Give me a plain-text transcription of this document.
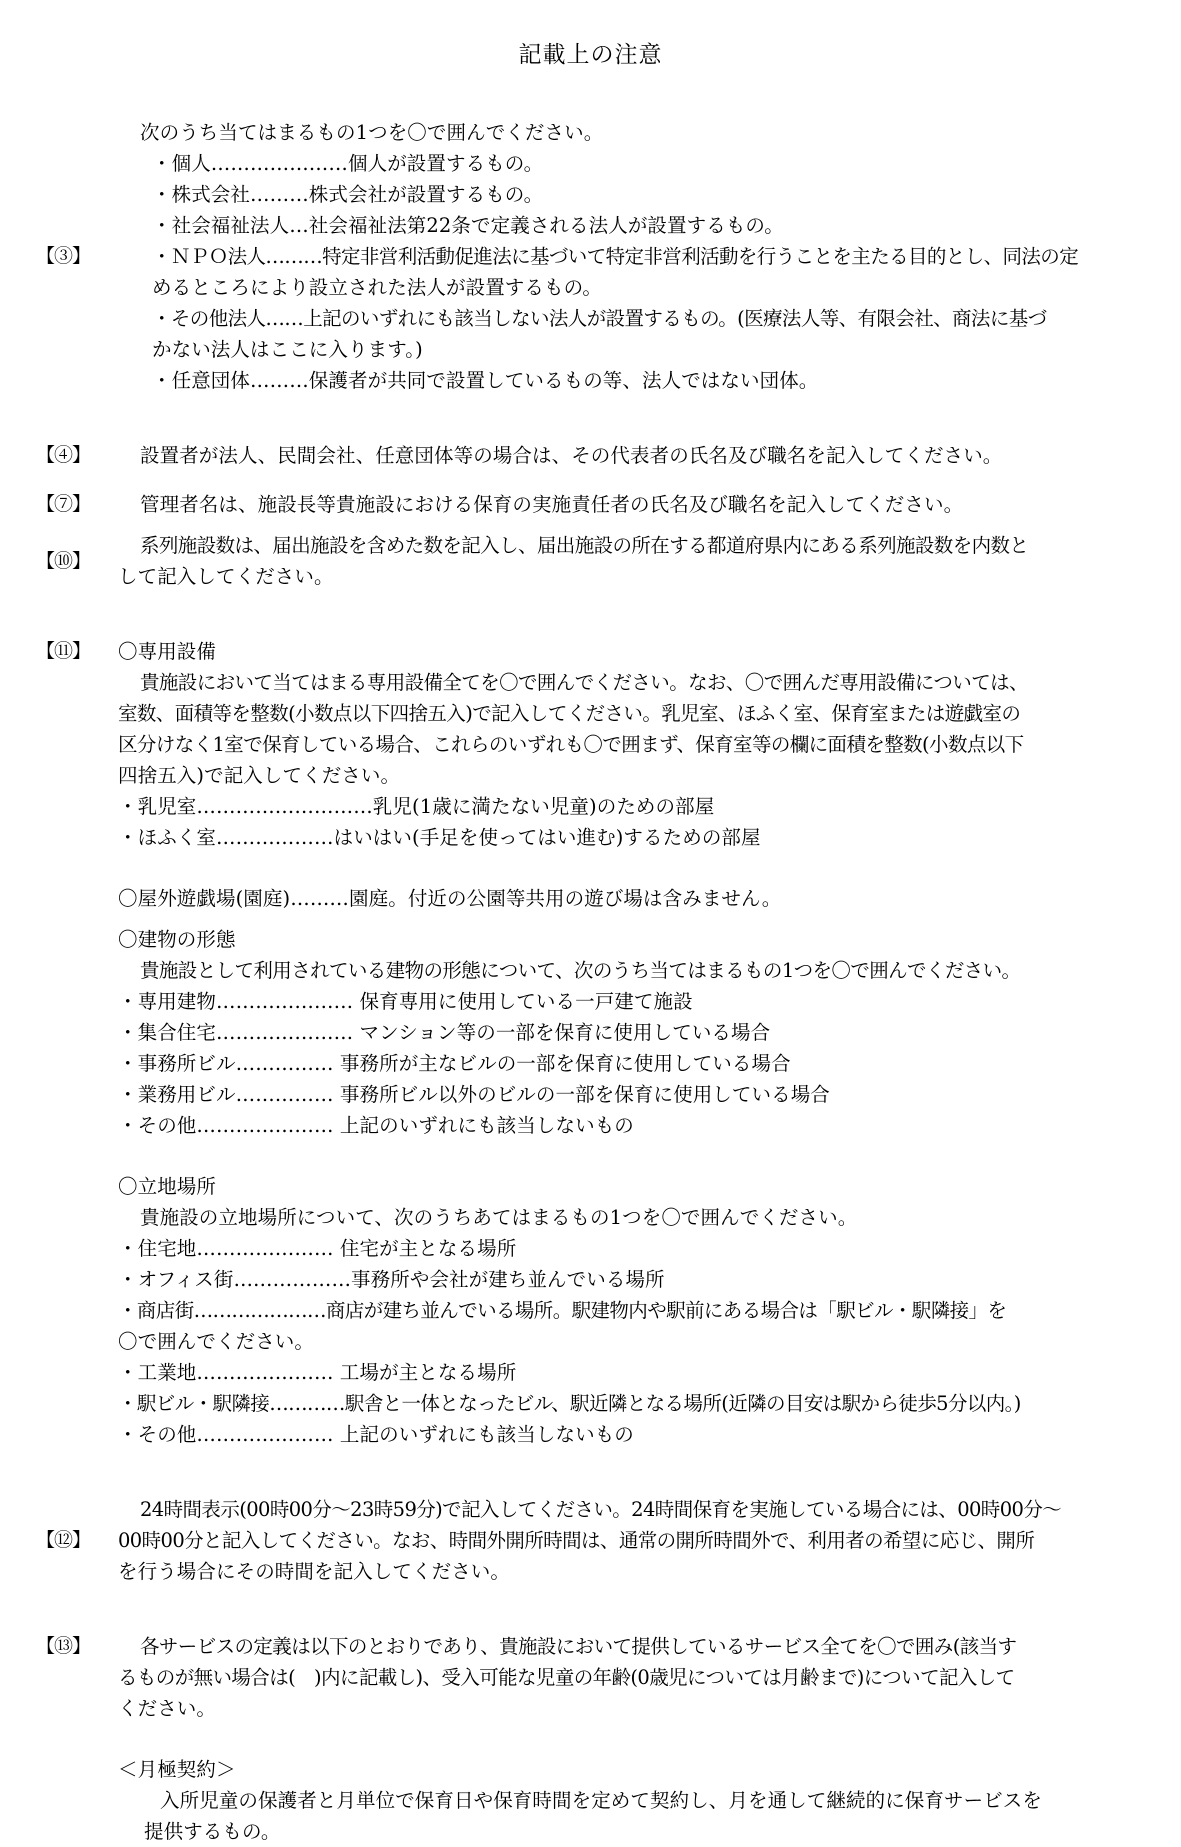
記載上の注意
次のうち当てはまるもの1つを〇で囲んでください。
・個人…………………個人が設置するもの。
・株式会社………株式会社が設置するもの。
・社会福祉法人…社会福祉法第22条で定義される法人が設置するもの。
【③】	・ＮＰＯ法人………特定非営利活動促進法に基づいて特定非営利活動を行うことを主たる目的とし、同法の定
めるところにより設立された法人が設置するもの。
・その他法人……上記のいずれにも該当しない法人が設置するもの。(医療法人等、有限会社、商法に基づ
かない法人はここに入ります。)
・任意団体………保護者が共同で設置しているもの等、法人ではない団体。
【④】	設置者が法人、民間会社、任意団体等の場合は、その代表者の氏名及び職名を記入してください。
【⑦】	管理者名は、施設長等貴施設における保育の実施責任者の氏名及び職名を記入してください。
【⑩】
系列施設数は、届出施設を含めた数を記入し、届出施設の所在する都道府県内にある系列施設数を内数と
して記入してください。
【⑪】	〇専用設備
貴施設において当てはまる専用設備全てを〇で囲んでください。なお、〇で囲んだ専用設備については、
室数、面積等を整数(小数点以下四捨五入)で記入してください。乳児室、ほふく室、保育室または遊戯室の
区分けなく1室で保育している場合、これらのいずれも〇で囲まず、保育室等の欄に面積を整数(小数点以下
四捨五入)で記入してください。
・乳児室………………………乳児(1歳に満たない児童)のための部屋
・ほふく室………………はいはい(手足を使ってはい進む)するための部屋
〇屋外遊戯場(園庭)………園庭。付近の公園等共用の遊び場は含みません。
〇建物の形態
貴施設として利用されている建物の形態について、次のうち当てはまるもの1つを〇で囲んでください。
・専用建物………………… 保育専用に使用している一戸建て施設
・集合住宅………………… マンション等の一部を保育に使用している場合
・事務所ビル…………… 事務所が主なビルの一部を保育に使用している場合
・業務用ビル…………… 事務所ビル以外のビルの一部を保育に使用している場合
・その他………………… 上記のいずれにも該当しないもの
〇立地場所
貴施設の立地場所について、次のうちあてはまるもの1つを〇で囲んでください。
・住宅地………………… 住宅が主となる場所
・オフィス街………………事務所や会社が建ち並んでいる場所
・商店街…………………商店が建ち並んでいる場所。駅建物内や駅前にある場合は「駅ビル・駅隣接」を
〇で囲んでください。
・工業地………………… 工場が主となる場所
・駅ビル・駅隣接…………駅舎と一体となったビル、駅近隣となる場所(近隣の目安は駅から徒歩5分以内。)
・その他………………… 上記のいずれにも該当しないもの
【⑫】
24時間表示(00時00分〜23時59分)で記入してください。24時間保育を実施している場合には、00時00分〜
00時00分と記入してください。なお、時間外開所時間は、通常の開所時間外で、利用者の希望に応じ、開所
を行う場合にその時間を記入してください。
【⑬】	各サービスの定義は以下のとおりであり、貴施設において提供しているサービス全てを〇で囲み(該当す
るものが無い場合は(　)内に記載し)、受入可能な児童の年齢(0歳児については月齢まで)について記入して
ください。
＜月極契約＞
入所児童の保護者と月単位で保育日や保育時間を定めて契約し、月を通して継続的に保育サービスを
提供するもの。
